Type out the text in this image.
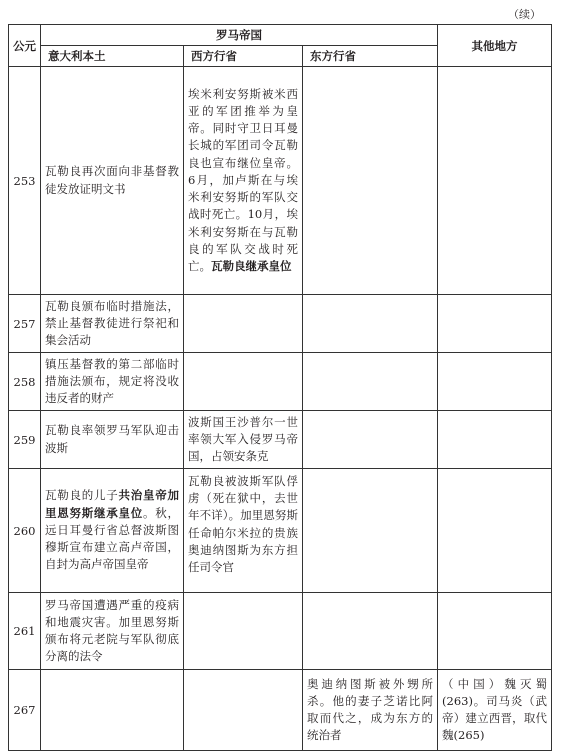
（续）
公元	罗马帝国			其他地方
	意大利本土	西方行省	东方行省	
253	瓦勒良再次面向非基督教徒发放证明文书	埃米利安努斯被米西亚的军团推举为皇帝。同时守卫日耳曼长城的军团司令瓦勒良也宣布继位皇帝。6月，加卢斯在与埃米利安努斯的军队交战时死亡。10月，埃米利安努斯在与瓦勒良的军队交战时死亡。瓦勒良继承皇位		
257	瓦勒良颁布临时措施法，禁止基督教徒进行祭祀和集会活动			
258	镇压基督教的第二部临时措施法颁布，规定将没收违反者的财产			
259	瓦勒良率领罗马军队迎击波斯	波斯国王沙普尔一世率领大军入侵罗马帝国，占领安条克		
260	瓦勒良的儿子共治皇帝加里恩努斯继承皇位。秋，远日耳曼行省总督波斯图穆斯宣布建立高卢帝国，自封为高卢帝国皇帝	瓦勒良被波斯军队俘虏（死在狱中，去世年不详）。加里恩努斯任命帕尔米拉的贵族奥迪纳图斯为东方担任司令官		
261	罗马帝国遭遇严重的疫病和地震灾害。加里恩努斯颁布将元老院与军队彻底分离的法令			
267			奥迪纳图斯被外甥所杀。他的妻子芝诺比阿取而代之，成为东方的统治者	（中国）魏灭蜀(263)。司马炎（武帝）建立西晋，取代魏(265)
